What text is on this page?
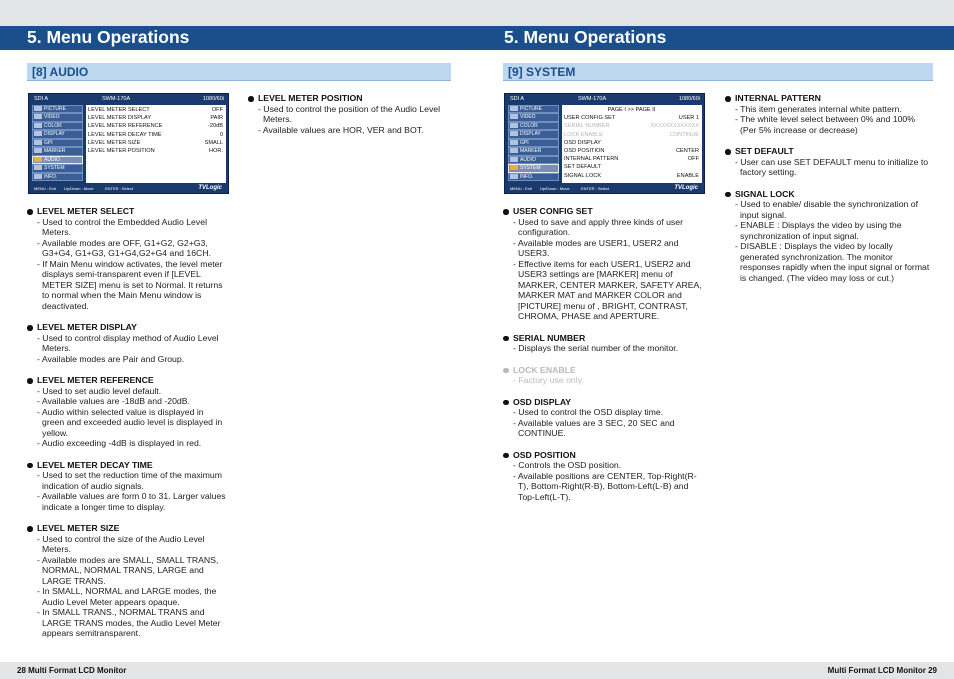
5. Menu Operations
[8] AUDIO
SDI A	SWM-170A	1080/60i
PICTURE
VIDEO
COLOR
DISPLAY
GPI
MARKER
AUDIO
SYSTEM
INFO.
LEVEL METER SELECT	OFF
LEVEL METER DISPLAY	PAIR
LEVEL METER REFERENCE	-20dB
LEVEL METER DECAY TIME	0
LEVEL METER SIZE	SMALL
LEVEL METER POSITION	HOR.
MENU : Exit Up/Down : Move	ENTER : Select	TVLogic
LEVEL METER SELECT
- Used to control the Embedded Audio Level Meters.
- Available modes are OFF, G1+G2, G2+G3, G3+G4, G1+G3, G1+G4,G2+G4 and 16CH.
- If Main Menu window activates, the level meter displays semi-transparent even if [LEVEL METER SIZE] menu is set to Normal. It returns to normal when the Main Menu window is deactivated.
LEVEL METER DISPLAY
- Used to control display method of Audio Level Meters.
- Available modes are Pair and Group.
LEVEL METER REFERENCE
- Used to set audio level default.
- Available values are -18dB and -20dB.
- Audio within selected value is displayed in green and exceeded audio level is displayed in yellow.
- Audio exceeding -4dB is displayed in red.
LEVEL METER DECAY TIME
- Used to set the reduction time of the maximum indication of audio signals.
- Available values are form 0 to 31. Larger values indicate a longer time to display.
LEVEL METER SIZE
- Used to control the size of the Audio Level Meters.
- Available modes are SMALL, SMALL TRANS, NORMAL, NORMAL TRANS, LARGE and LARGE TRANS.
- In SMALL, NORMAL and LARGE modes, the Audio Level Meter appears opaque.
- In SMALL TRANS., NORMAL TRANS and LARGE TRANS modes, the Audio Level Meter appears semitransparent.
LEVEL METER POSITION
- Used to control the position of the Audio Level Meters.
- Available values are HOR, VER and BOT.
28 Multi Format LCD Monitor
5. Menu Operations
[9] SYSTEM
SDI A	SWM-170A	1080/60i
PICTURE
VIDEO
COLOR
DISPLAY
GPI
MARKER
AUDIO
SYSTEM
INFO.
PAGE I >> PAGE II
USER CONFIG SET	USER 1
SERIAL NUMBER	XXXXXXXXXXXXX
LOCK ENABLE	CONTINUE
OSD DISPLAY
OSD POSITION	CENTER
INTERNAL PATTERN	OFF
SET DEFAULT
SIGNAL LOCK	ENABLE
MENU : Exit Up/Down : Move	ENTER : Select	TVLogic
USER CONFIG SET
- Used to save and apply three kinds of user configuration.
- Available modes are USER1, USER2 and USER3.
- Effective items for each USER1, USER2 and USER3 settings are [MARKER] menu of MARKER, CENTER MARKER, SAFETY AREA, MARKER MAT and MARKER COLOR and [PICTURE] menu of , BRIGHT, CONTRAST, CHROMA, PHASE and APERTURE.
SERIAL NUMBER
- Displays the serial number of the monitor.
LOCK ENABLE
- Factory use only.
OSD DISPLAY
- Used to control the OSD display time.
- Available values are 3 SEC, 20 SEC and CONTINUE.
OSD POSITION
- Controls the OSD position.
- Available positions are CENTER, Top-Right(R-T), Bottom-Right(R-B), Bottom-Left(L-B) and Top-Left(L-T).
INTERNAL PATTERN
- This item generates internal white pattern.
- The white level select between 0% and 100% (Per 5% increase or decrease)
SET DEFAULT
- User can use SET DEFAULT menu to initialize to factory setting.
SIGNAL LOCK
- Used to enable/ disable the synchronization of input signal.
- ENABLE : Displays the video by using the synchronization of input signal.
- DISABLE : Displays the video by locally generated synchronization. The monitor responses rapidly when the input signal or format is changed. (The video may loss or cut.)
Multi Format LCD Monitor 29
